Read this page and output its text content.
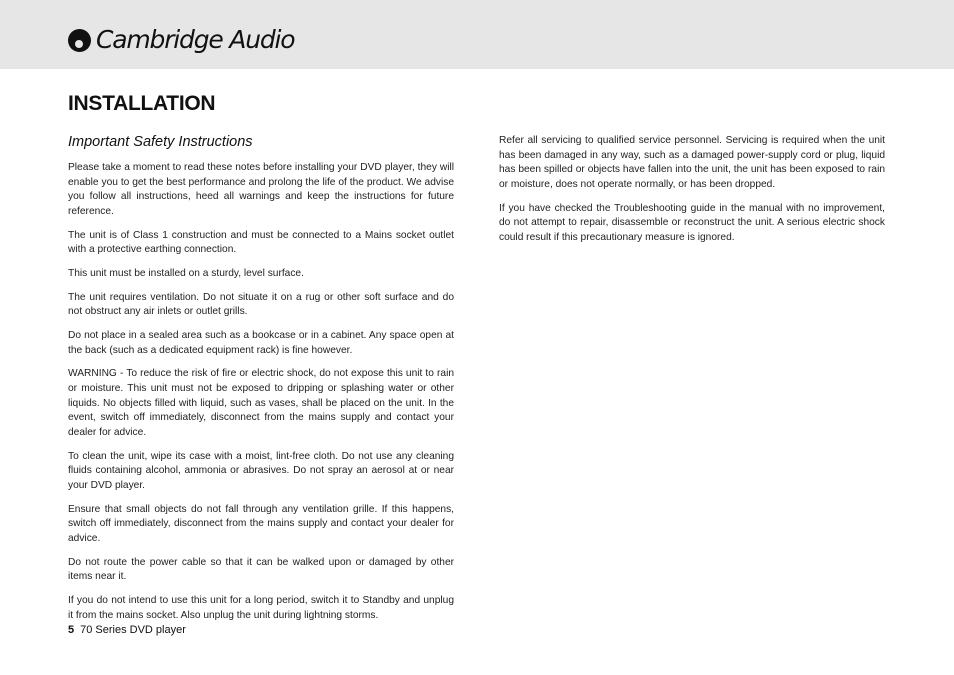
Cambridge Audio
INSTALLATION
Important Safety Instructions

Please take a moment to read these notes before installing your DVD player, they will enable you to get the best performance and prolong the life of the product. We advise you follow all instructions, heed all warnings and keep the instructions for future reference.

The unit is of Class 1 construction and must be connected to a Mains socket outlet with a protective earthing connection.

This unit must be installed on a sturdy, level surface.

The unit requires ventilation. Do not situate it on a rug or other soft surface and do not obstruct any air inlets or outlet grills.

Do not place in a sealed area such as a bookcase or in a cabinet. Any space open at the back (such as a dedicated equipment rack) is fine however.

WARNING - To reduce the risk of fire or electric shock, do not expose this unit to rain or moisture. This unit must not be exposed to dripping or splashing water or other liquids. No objects filled with liquid, such as vases, shall be placed on the unit. In the event, switch off immediately, disconnect from the mains supply and contact your dealer for advice.

To clean the unit, wipe its case with a moist, lint-free cloth. Do not use any cleaning fluids containing alcohol, ammonia or abrasives. Do not spray an aerosol at or near your DVD player.

Ensure that small objects do not fall through any ventilation grille. If this happens, switch off immediately, disconnect from the mains supply and contact your dealer for advice.

Do not route the power cable so that it can be walked upon or damaged by other items near it.

If you do not intend to use this unit for a long period, switch it to Standby and unplug it from the mains socket. Also unplug the unit during lightning storms.

Refer all servicing to qualified service personnel. Servicing is required when the unit has been damaged in any way, such as a damaged power-supply cord or plug, liquid has been spilled or objects have fallen into the unit, the unit has been exposed to rain or moisture, does not operate normally, or has been dropped.

If you have checked the Troubleshooting guide in the manual with no improvement, do not attempt to repair, disassemble or reconstruct the unit. A serious electric shock could result if this precautionary measure is ignored.

5 70 Series DVD player
